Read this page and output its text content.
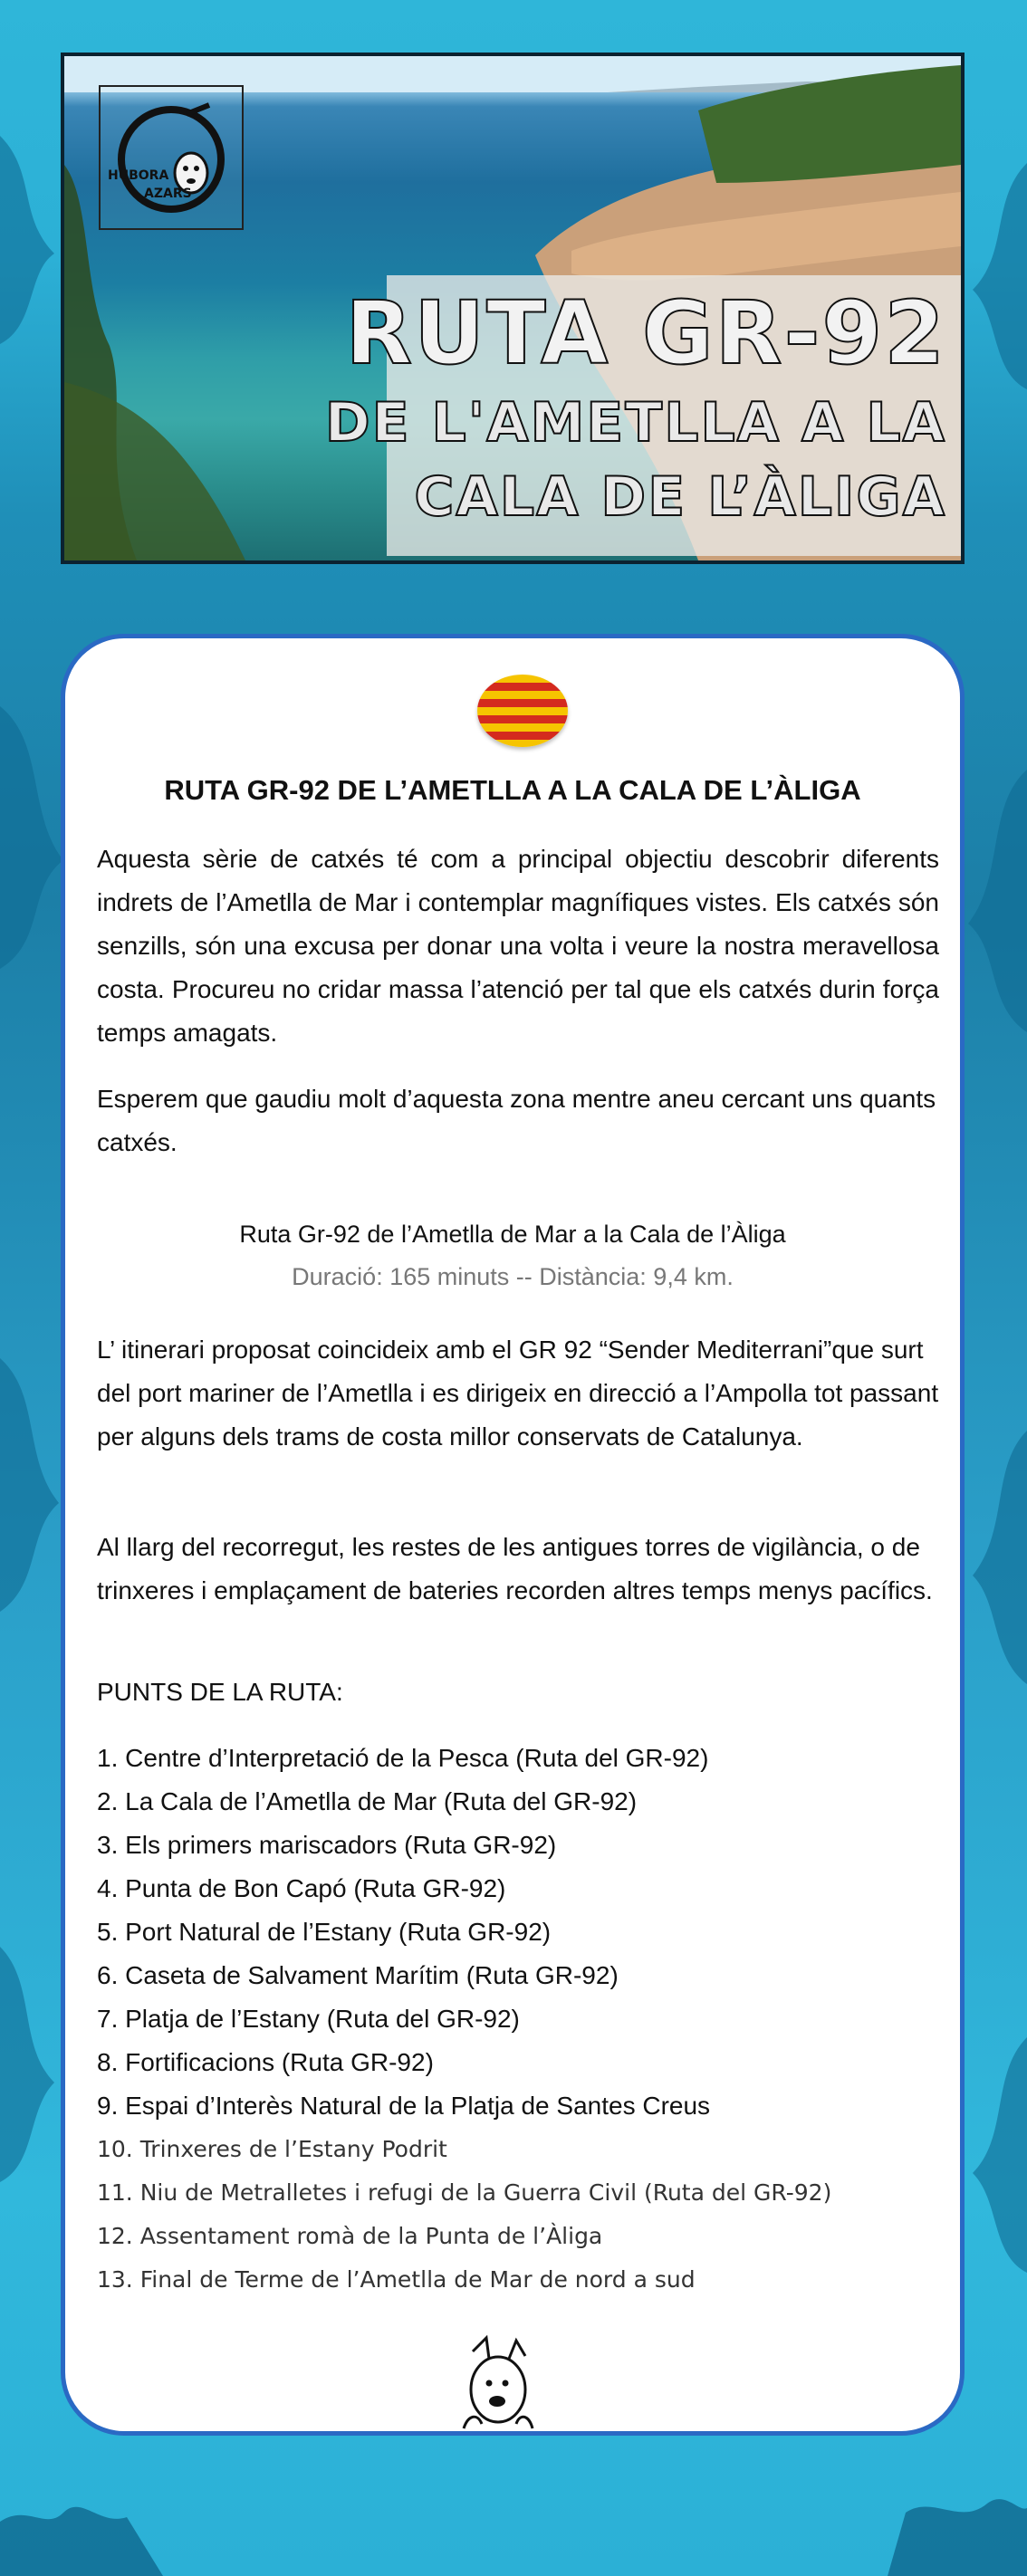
HUBORA
AZARS
RUTA GR-92
DE L'AMETLLA A LA
CALA DE L’ÀLIGA
RUTA GR-92 DE L’AMETLLA A LA CALA DE L’ÀLIGA

Aquesta sèrie de catxés té com a principal objectiu descobrir diferents indrets de l’Ametlla de Mar i contemplar magnífiques vistes. Els catxés són senzills, són una excusa per donar una volta i veure la nostra meravellosa costa. Procureu no cridar massa l’atenció per tal que els catxés durin força temps amagats.

Esperem que gaudiu molt d’aquesta zona mentre aneu cercant uns quants catxés.

Ruta Gr-92 de l’Ametlla de Mar a la Cala de l’Àliga
Duració: 165 minuts -- Distància: 9,4 km.

L’ itinerari proposat coincideix amb el GR 92 “Sender Mediterrani”que surt del port mariner de l’Ametlla i es dirigeix en direcció a l’Ampolla tot passant per alguns dels trams de costa millor conservats de Catalunya.

Al llarg del recorregut, les restes de les antigues torres de vigilància, o de trinxeres i emplaçament de bateries recorden altres temps menys pacífics.

PUNTS DE LA RUTA:

1. Centre d’Interpretació de la Pesca (Ruta del GR-92)
2. La Cala de l’Ametlla de Mar (Ruta del GR-92)
3. Els primers mariscadors (Ruta GR-92)
4. Punta de Bon Capó (Ruta GR-92)
5. Port Natural de l’Estany (Ruta GR-92)
6. Caseta de Salvament Marítim (Ruta GR-92)
7. Platja de l’Estany (Ruta del GR-92)
8. Fortificacions (Ruta GR-92)
9. Espai d’Interès Natural de la Platja de Santes Creus
10. Trinxeres de l’Estany Podrit
11. Niu de Metralletes i refugi de la Guerra Civil (Ruta del GR-92)
12. Assentament romà de la Punta de l’Àliga
13. Final de Terme de l’Ametlla de Mar de nord a sud
